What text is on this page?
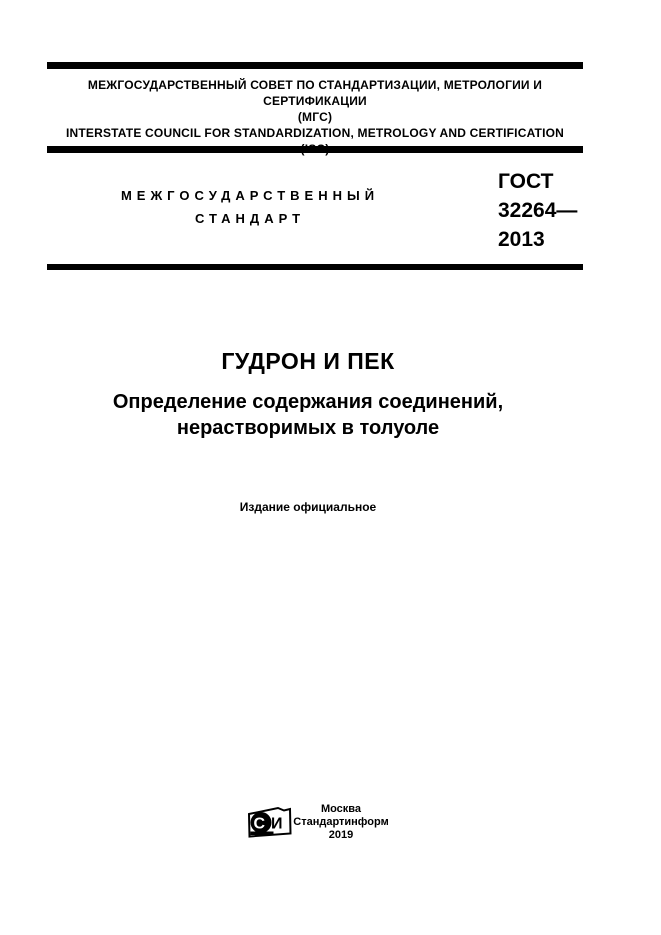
МЕЖГОСУДАРСТВЕННЫЙ СОВЕТ ПО СТАНДАРТИЗАЦИИ, МЕТРОЛОГИИ И СЕРТИФИКАЦИИ
(МГС)
INTERSTATE COUNCIL FOR STANDARDIZATION, METROLOGY AND CERTIFICATION
МЕЖГОСУДАРСТВЕННЫЙ
СТАНДАРТ
ГОСТ
32264—
2013
ГУДРОН И ПЕК
Определение содержания соединений,
нерастворимых в толуоле
Издание официальное
C И
Москва
Стандартинформ
2019
